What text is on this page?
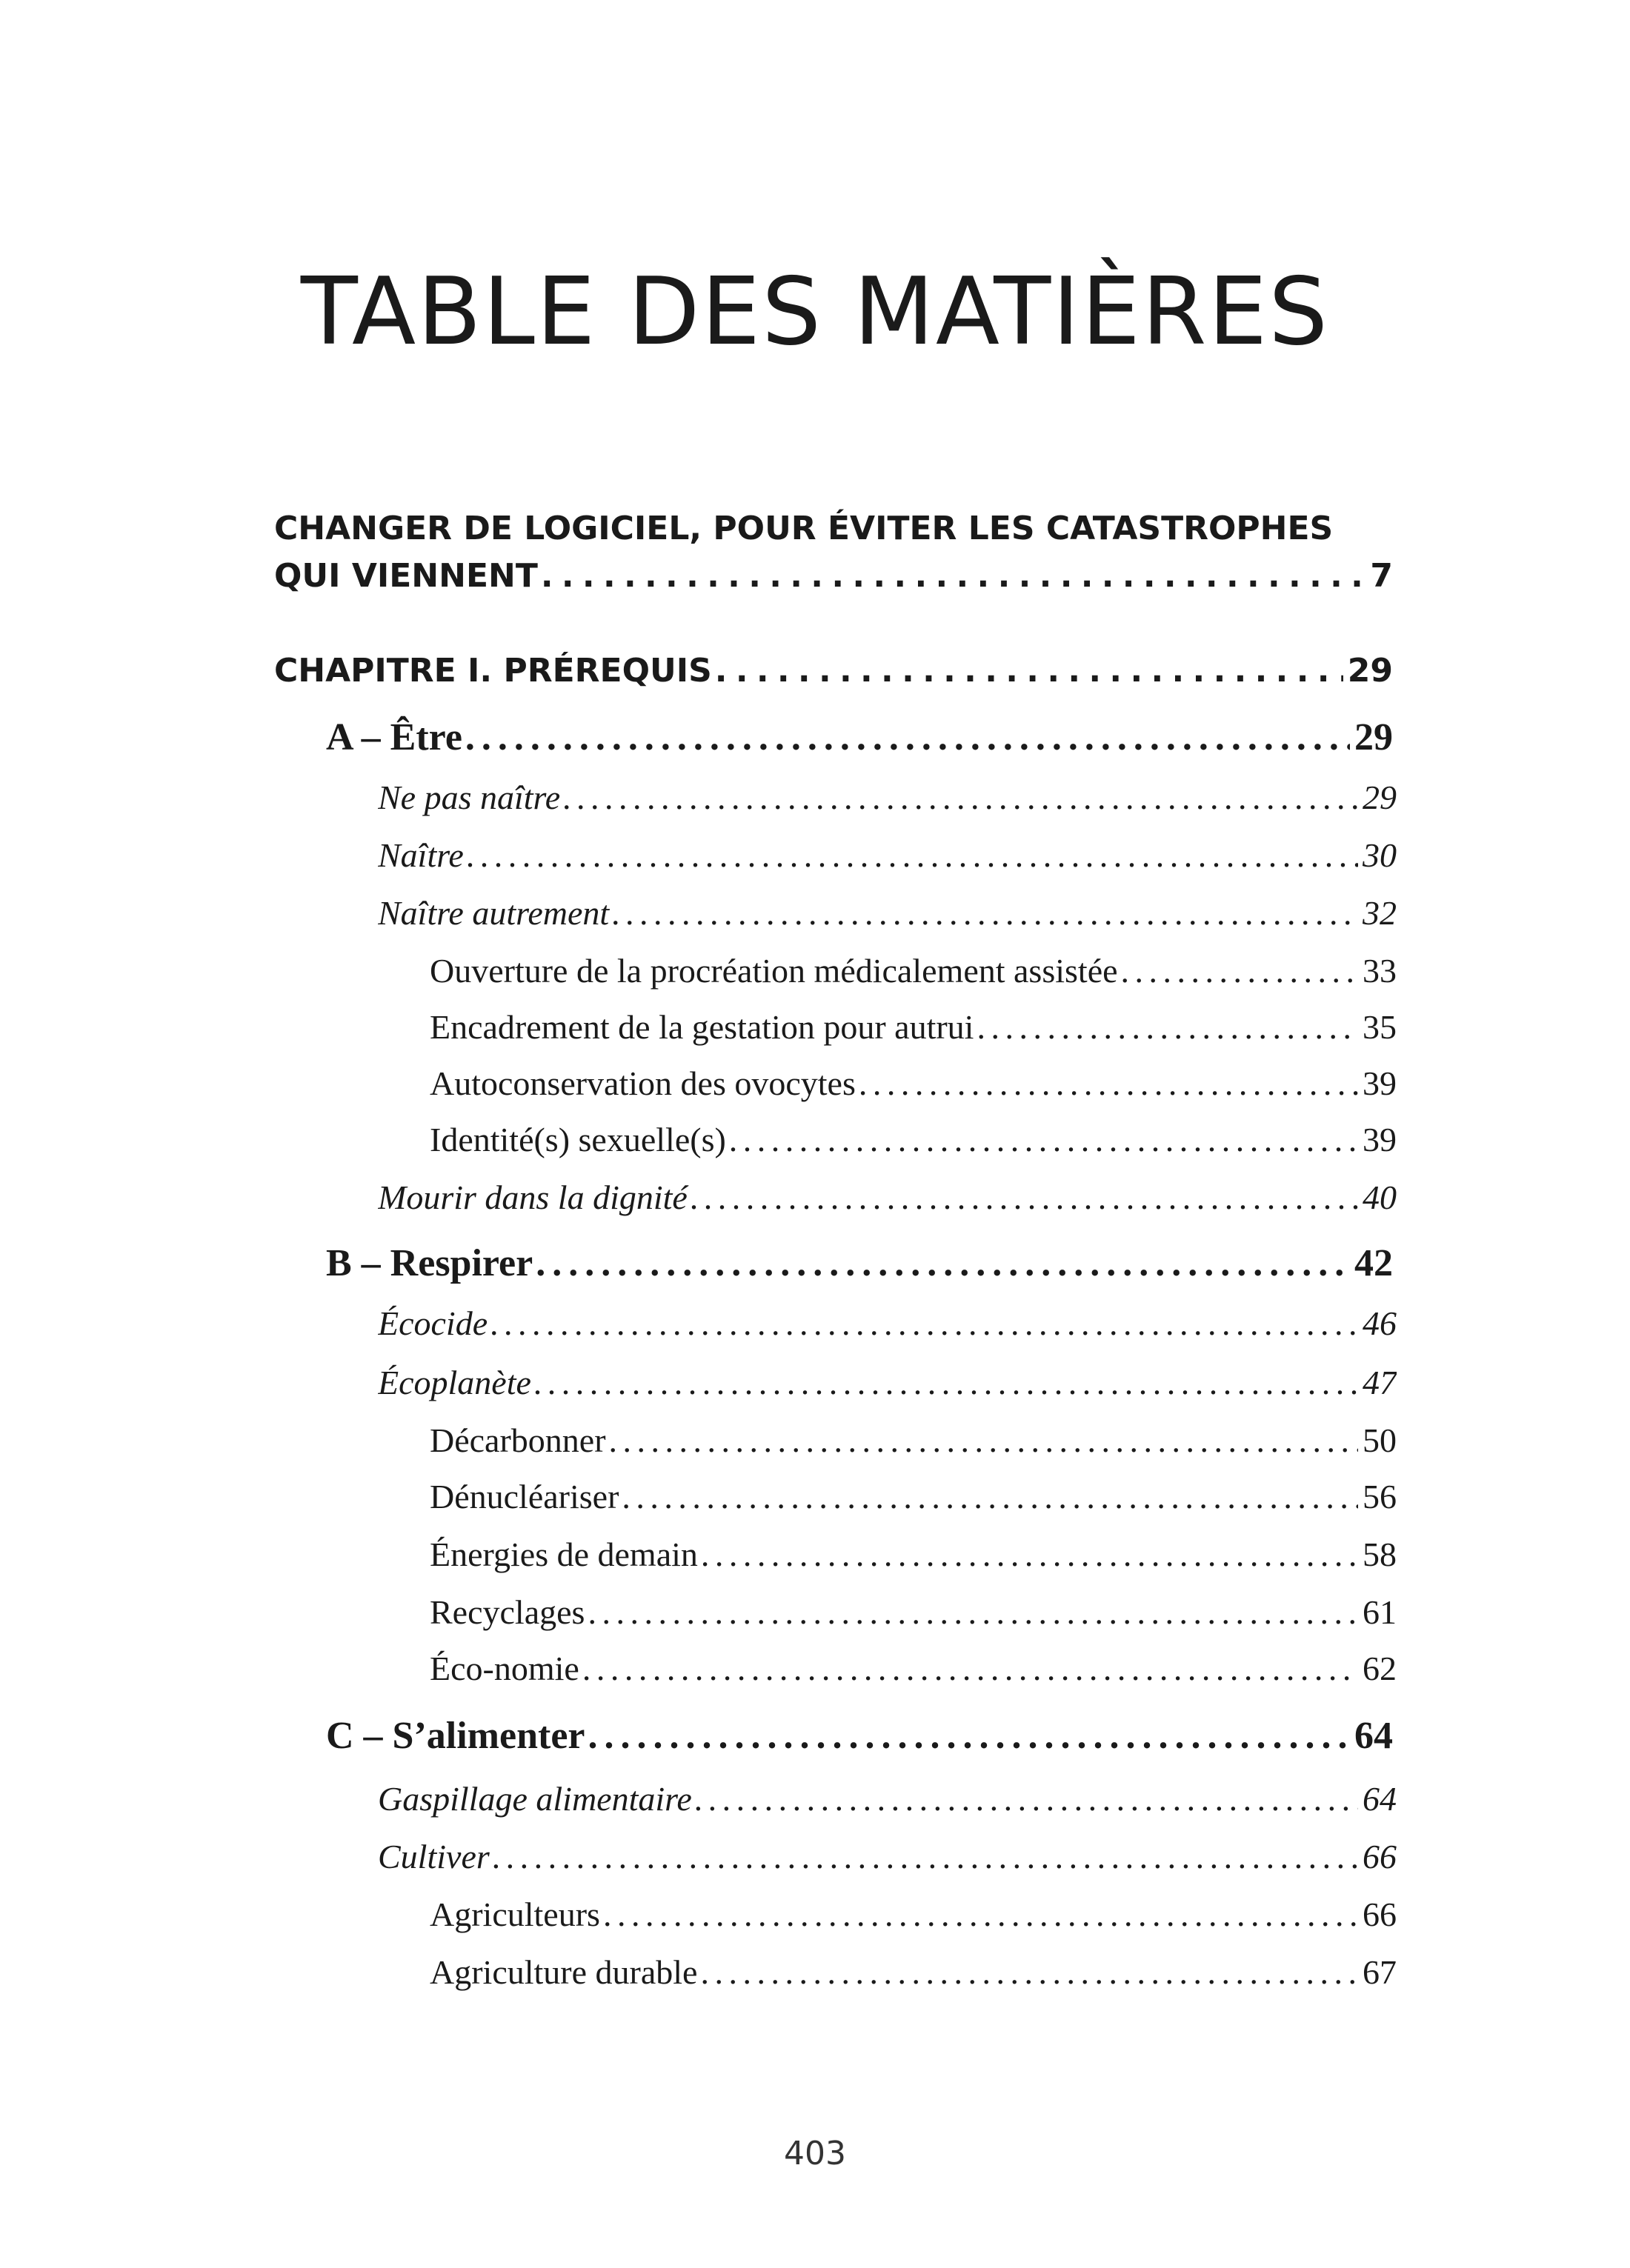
TABLE DES MATIÈRES
CHANGER DE LOGICIEL, POUR ÉVITER LES CATASTROPHES
QUI VIENNENT . . .	7
CHAPITRE I. PRÉREQUIS . . .	29
A – Être . . .	29
Ne pas naître . . .	29
Naître . . .	30
Naître autrement . . .	32
Ouverture de la procréation médicalement assistée . . .	33
Encadrement de la gestation pour autrui . . .	35
Autoconservation des ovocytes . . .	39
Identité(s) sexuelle(s) . . .	39
Mourir dans la dignité . . .	40
B – Respirer . . .	42
Écocide . . .	46
Écoplanète . . .	47
Décarbonner . . .	50
Dénucléariser . . .	56
Énergies de demain . . .	58
Recyclages . . .	61
Éco-nomie . . .	62
C – S’alimenter . . .	64
Gaspillage alimentaire . . .	64
Cultiver . . .	66
Agriculteurs . . .	66
Agriculture durable . . .	67
403
